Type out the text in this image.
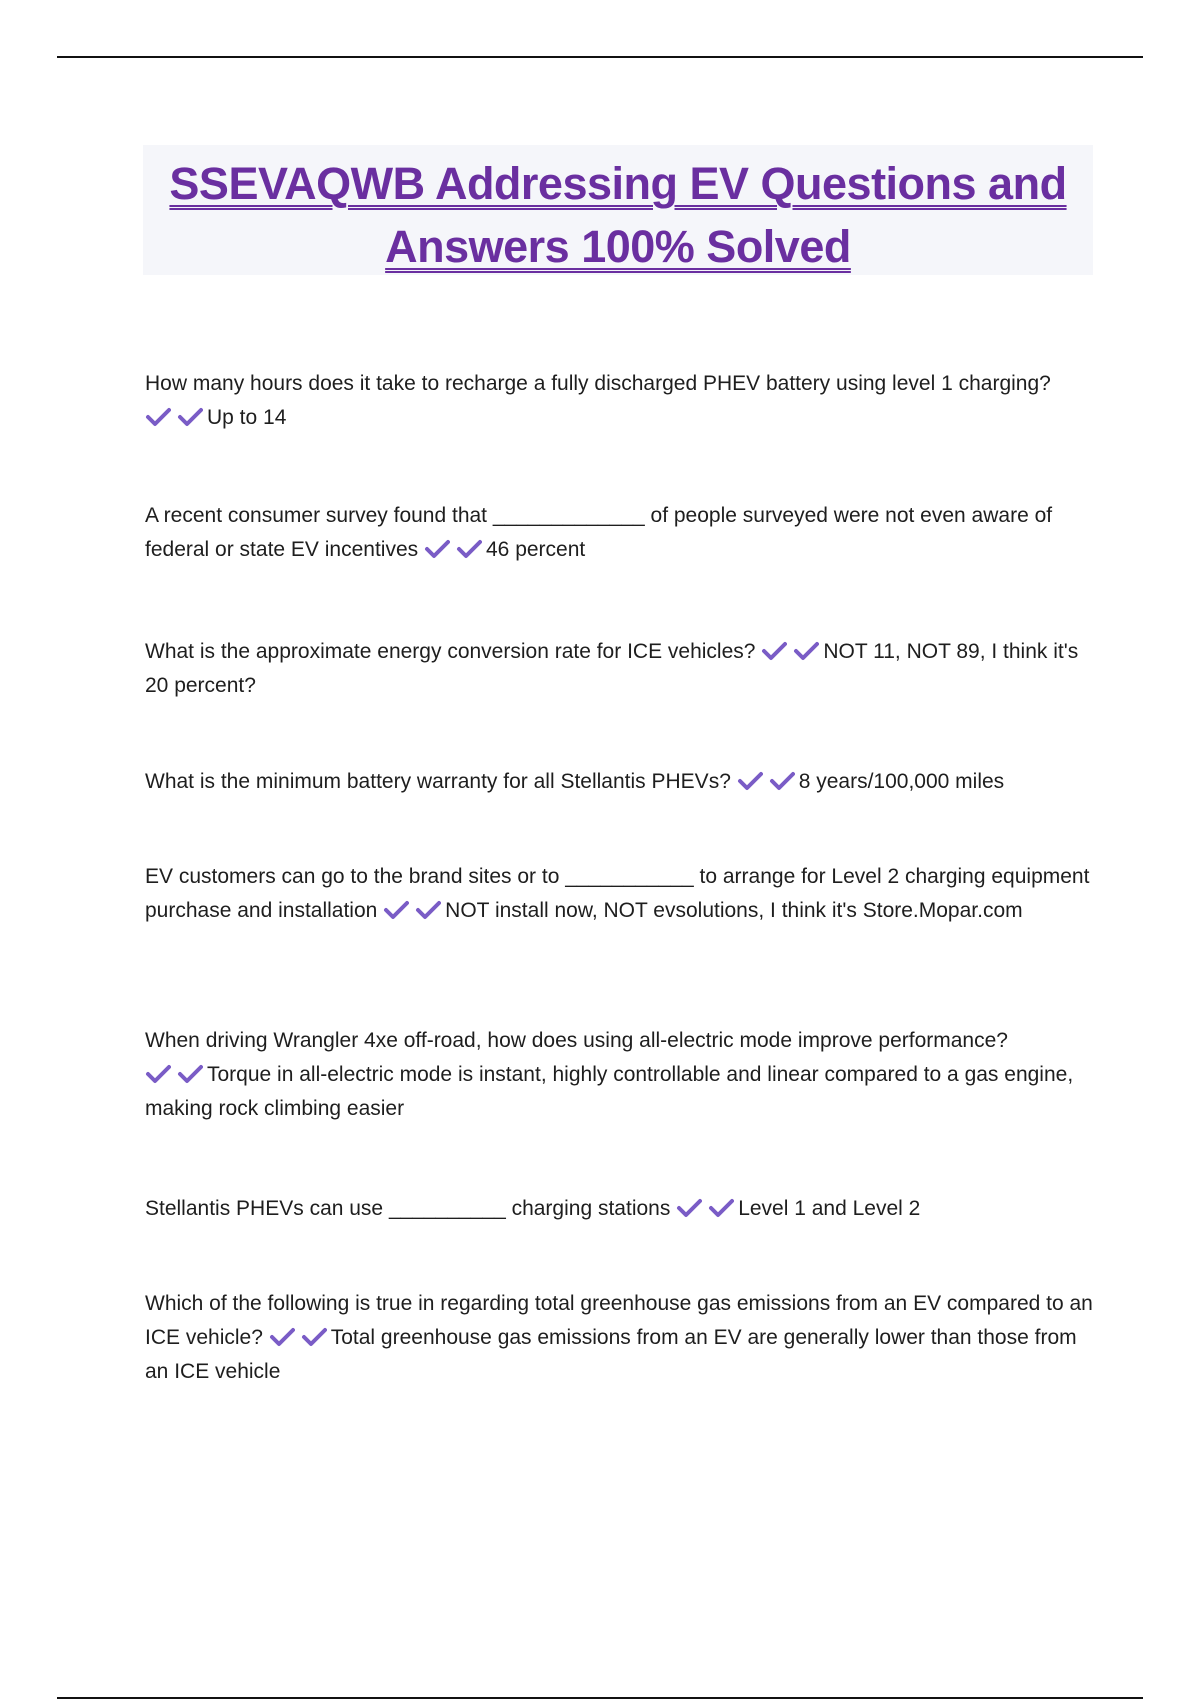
SSEVAQWB Addressing EV Questions and
Answers 100% Solved

How many hours does it take to recharge a fully discharged PHEV battery using level 1 charging?

Up to 14

A recent consumer survey found that _____________ of people surveyed were not even aware of federal or state EV incentives	46 percent

What is the approximate energy conversion rate for ICE vehicles?	NOT 11, NOT 89, I think it's 20 percent?

What is the minimum battery warranty for all Stellantis PHEVs?	8 years/100,000 miles

EV customers can go to the brand sites or to ___________ to arrange for Level 2 charging equipment purchase and installation	NOT install now, NOT evsolutions, I think it's Store.Mopar.com

When driving Wrangler 4xe off-road, how does using all-electric mode improve performance?

Torque in all-electric mode is instant, highly controllable and linear compared to a gas engine, making rock climbing easier

Stellantis PHEVs can use __________ charging stations	Level 1 and Level 2

Which of the following is true in regarding total greenhouse gas emissions from an EV compared to an ICE vehicle?	Total greenhouse gas emissions from an EV are generally lower than those from an ICE vehicle
